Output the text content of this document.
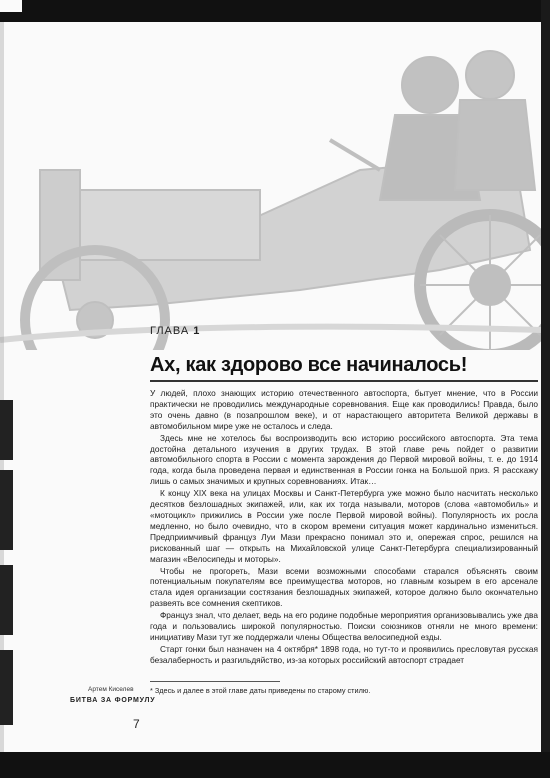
ГЛАВА 1
Ах, как здорово все начиналось!

У людей, плохо знающих историю отечественного автоспорта, бытует мнение, что в России практически не проводились международные соревнования. Еще как проводились! Правда, было это очень давно (в позапрошлом веке), и от нарастающего авторитета Великой державы в автомобильном мире уже не осталось и следа.

Здесь мне не хотелось бы воспроизводить всю историю российского автоспорта. Эта тема достойна детального изучения в других трудах. В этой главе речь пойдет о развитии автомобильного спорта в России с момента зарождения до Первой мировой войны, т. е. до 1914 года, когда была проведена первая и единственная в России гонка на Большой приз. Я расскажу лишь о самых значимых и крупных соревнованиях. Итак…

К концу XIX века на улицах Москвы и Санкт-Петербурга уже можно было насчитать несколько десятков безлошадных экипажей, или, как их тогда называли, моторов (слова «автомобиль» и «мотоцикл» прижились в России уже после Первой мировой войны). Популярность их росла медленно, но было очевидно, что в скором времени ситуация может кардинально измениться. Предприимчивый француз Луи Мази прекрасно понимал это и, опережая спрос, решился на рискованный шаг — открыть на Михайловской улице Санкт-Петербурга специализированный магазин «Велосипеды и моторы».

Чтобы не прогореть, Мази всеми возможными способами старался объяснять своим потенциальным покупателям все преимущества моторов, но главным козырем в его арсенале стала идея организации состязания безлошадных экипажей, которое должно было окончательно развеять все сомнения скептиков.

Француз знал, что делает, ведь на его родине подобные мероприятия организовывались уже два года и пользовались широкой популярностью. Поиски союзников отняли не много времени: инициативу Мази тут же поддержали члены Общества велосипедной езды.

Старт гонки был назначен на 4 октября* 1898 года, но тут-то и проявились пресловутая русская безалаберность и разгильдяйство, из-за которых российский автоспорт страдает

* Здесь и далее в этой главе даты приведены по старому стилю.
Артем Киселев
БИТВА ЗА ФОРМУЛУ
7
